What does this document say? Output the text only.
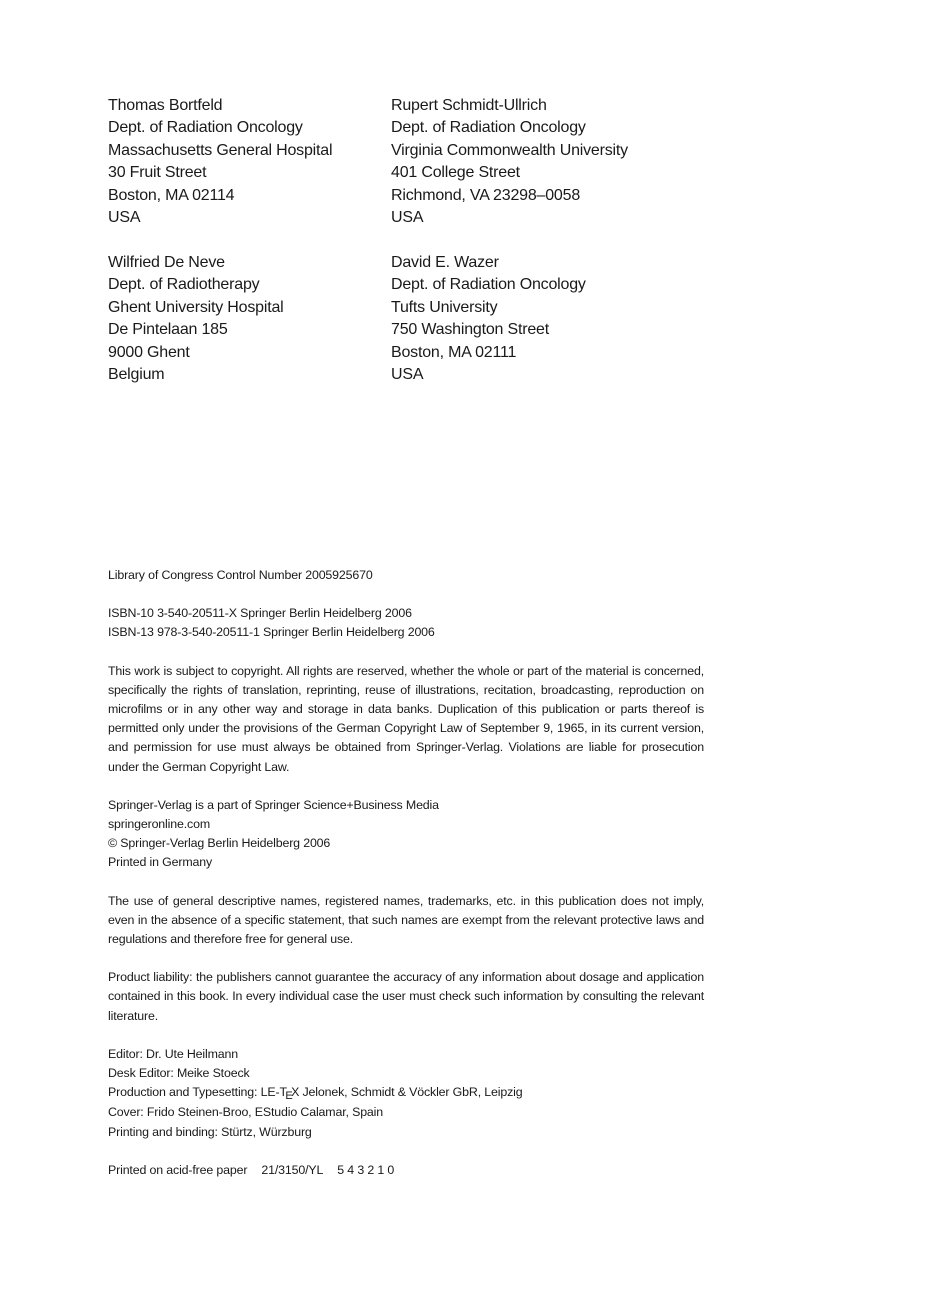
Thomas Bortfeld
Dept. of Radiation Oncology
Massachusetts General Hospital
30 Fruit Street
Boston, MA 02114
USA
Rupert Schmidt-Ullrich
Dept. of Radiation Oncology
Virginia Commonwealth University
401 College Street
Richmond, VA 23298–0058
USA
Wilfried De Neve
Dept. of Radiotherapy
Ghent University Hospital
De Pintelaan 185
9000 Ghent
Belgium
David E. Wazer
Dept. of Radiation Oncology
Tufts University
750 Washington Street
Boston, MA 02111
USA
Library of Congress Control Number 2005925670
ISBN-10 3-540-20511-X Springer Berlin Heidelberg 2006
ISBN-13 978-3-540-20511-1 Springer Berlin Heidelberg 2006
This work is subject to copyright. All rights are reserved, whether the whole or part of the material is concerned, specifically the rights of translation, reprinting, reuse of illustrations, recitation, broadcasting, reproduction on microfilms or in any other way and storage in data banks. Duplication of this publication or parts thereof is permitted only under the provisions of the German Copyright Law of September 9, 1965, in its current version, and permission for use must always be obtained from Springer-Verlag. Violations are liable for prosecution under the German Copyright Law.
Springer-Verlag is a part of Springer Science+Business Media
springeronline.com
© Springer-Verlag Berlin Heidelberg 2006
Printed in Germany
The use of general descriptive names, registered names, trademarks, etc. in this publication does not imply, even in the absence of a specific statement, that such names are exempt from the relevant protective laws and regulations and therefore free for general use.
Product liability: the publishers cannot guarantee the accuracy of any information about dosage and application contained in this book. In every individual case the user must check such information by consulting the relevant literature.
Editor: Dr. Ute Heilmann
Desk Editor: Meike Stoeck
Production and Typesetting: LE-TEX Jelonek, Schmidt & Vöckler GbR, Leipzig
Cover: Frido Steinen-Broo, EStudio Calamar, Spain
Printing and binding: Stürtz, Würzburg
Printed on acid-free paper 21/3150/YL 5 4 3 2 1 0
